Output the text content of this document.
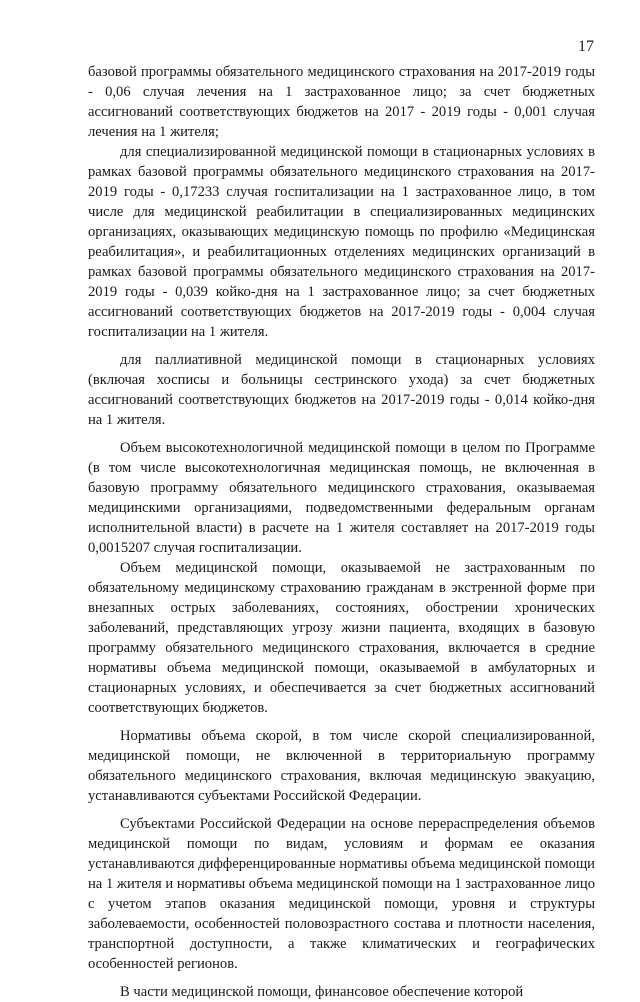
17

базовой программы обязательного медицинского страхования на 2017-2019 годы - 0,06 случая лечения на 1 застрахованное лицо; за счет бюджетных ассигнований соответствующих бюджетов на 2017 - 2019 годы - 0,001 случая лечения на 1 жителя;

для специализированной медицинской помощи в стационарных условиях в рамках базовой программы обязательного медицинского страхования на 2017-2019 годы - 0,17233 случая госпитализации на 1 застрахованное лицо, в том числе для медицинской реабилитации в специализированных медицинских организациях, оказывающих медицинскую помощь по профилю «Медицинская реабилитация», и реабилитационных отделениях медицинских организаций в рамках базовой программы обязательного медицинского страхования на 2017-2019 годы - 0,039 койко-дня на 1 застрахованное лицо; за счет бюджетных ассигнований соответствующих бюджетов на 2017-2019 годы - 0,004 случая госпитализации на 1 жителя.

для паллиативной медицинской помощи в стационарных условиях (включая хосписы и больницы сестринского ухода) за счет бюджетных ассигнований соответствующих бюджетов на 2017-2019 годы - 0,014 койко-дня на 1 жителя.

Объем высокотехнологичной медицинской помощи в целом по Программе (в том числе высокотехнологичная медицинская помощь, не включенная в базовую программу обязательного медицинского страхования, оказываемая медицинскими организациями, подведомственными федеральным органам исполнительной власти) в расчете на 1 жителя составляет на 2017-2019 годы 0,0015207 случая госпитализации.

Объем медицинской помощи, оказываемой не застрахованным по обязательному медицинскому страхованию гражданам в экстренной форме при внезапных острых заболеваниях, состояниях, обострении хронических заболеваний, представляющих угрозу жизни пациента, входящих в базовую программу обязательного медицинского страхования, включается в средние нормативы объема медицинской помощи, оказываемой в амбулаторных и стационарных условиях, и обеспечивается за счет бюджетных ассигнований соответствующих бюджетов.

Нормативы объема скорой, в том числе скорой специализированной, медицинской помощи, не включенной в территориальную программу обязательного медицинского страхования, включая медицинскую эвакуацию, устанавливаются субъектами Российской Федерации.

Субъектами Российской Федерации на основе перераспределения объемов медицинской помощи по видам, условиям и формам ее оказания устанавливаются дифференцированные нормативы объема медицинской помощи на 1 жителя и нормативы объема медицинской помощи на 1 застрахованное лицо с учетом этапов оказания медицинской помощи, уровня и структуры заболеваемости, особенностей половозрастного состава и плотности населения, транспортной доступности, а также климатических и географических особенностей регионов.

В части медицинской помощи, финансовое обеспечение которой
